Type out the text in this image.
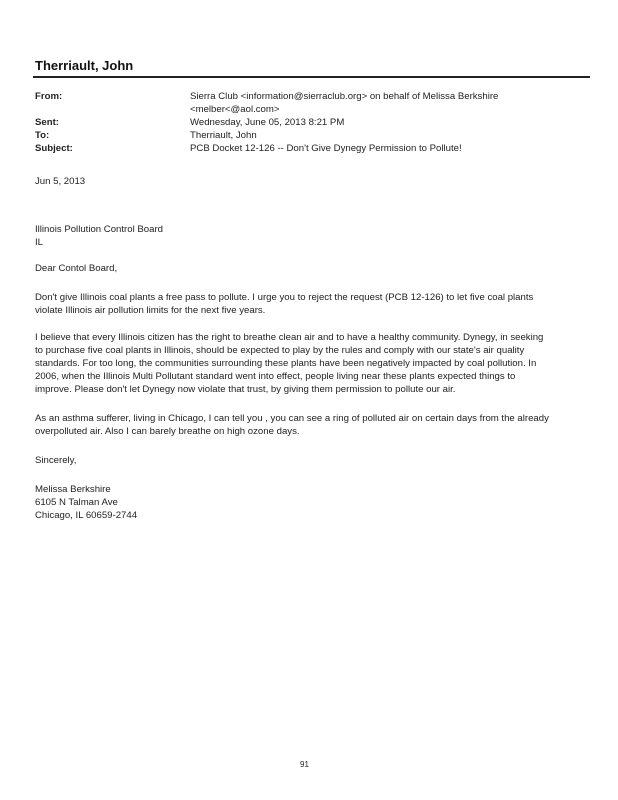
Therriault, John
From:	Sierra Club <information@sierraclub.org> on behalf of Melissa Berkshire
<melber<@aol.com>
Sent:	Wednesday, June 05, 2013 8:21 PM
To:	Therriault, John
Subject:	PCB Docket 12-126 -- Don't Give Dynegy Permission to Pollute!
Jun 5, 2013
Illinois Pollution Control Board
IL
Dear Contol Board,
Don't give Illinois coal plants a free pass to pollute. I urge you to reject the request (PCB 12-126) to let five coal plants
violate Illinois air pollution limits for the next five years.
I believe that every Illinois citizen has the right to breathe clean air and to have a healthy community. Dynegy, in seeking
to purchase five coal plants in Illinois, should be expected to play by the rules and comply with our state's air quality
standards. For too long, the communities surrounding these plants have been negatively impacted by coal pollution. In
2006, when the Illinois Multi Pollutant standard went into effect, people living near these plants expected things to
improve. Please don't let Dynegy now violate that trust, by giving them permission to pollute our air.
As an asthma sufferer, living in Chicago, I can tell you , you can see a ring of polluted air on certain days from the already
overpolluted air. Also I can barely breathe on high ozone days.
Sincerely,
Melissa Berkshire
6105 N Talman Ave
Chicago, IL 60659-2744
91
